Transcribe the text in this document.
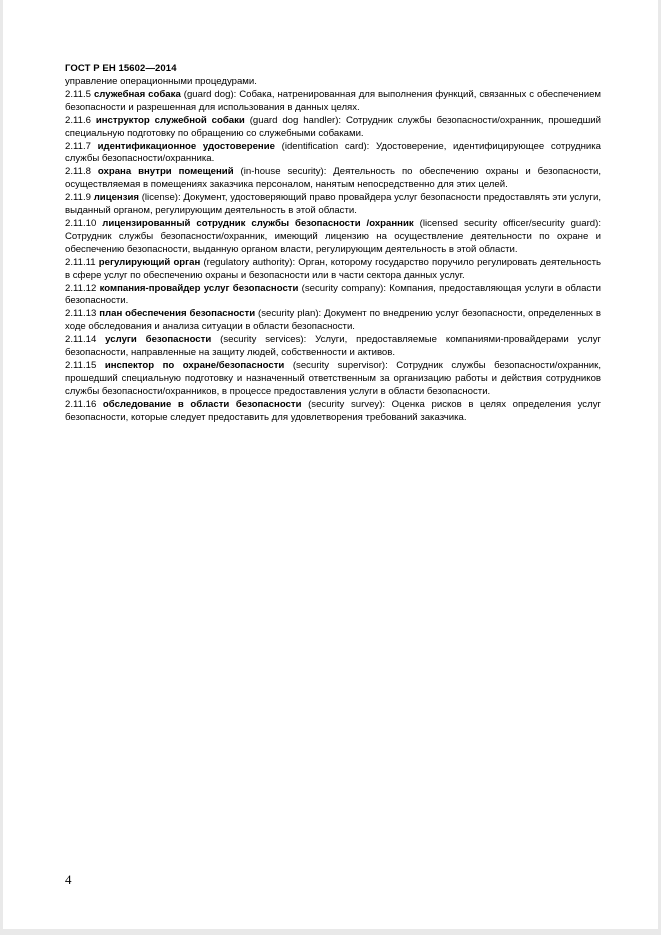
ГОСТ Р ЕН 15602—2014

управление операционными процедурами.

2.11.5 служебная собака (guard dog): Собака, натренированная для выполнения функций, связанных с обеспечением безопасности и разрешенная для использования в данных целях.

2.11.6 инструктор служебной собаки (guard dog handler): Сотрудник службы безопасности/охранник, прошедший специальную подготовку по обращению со служебными собаками.

2.11.7 идентификационное удостоверение (identification card): Удостоверение, идентифицирующее сотрудника службы безопасности/охранника.

2.11.8 охрана внутри помещений (in-house security): Деятельность по обеспечению охраны и безопасности, осуществляемая в помещениях заказчика персоналом, нанятым непосредственно для этих целей.

2.11.9 лицензия (license): Документ, удостоверяющий право провайдера услуг безопасности предоставлять эти услуги, выданный органом, регулирующим деятельность в этой области.

2.11.10 лицензированный сотрудник службы безопасности /охранник (licensed security officer/security guard): Сотрудник службы безопасности/охранник, имеющий лицензию на осуществление деятельности по охране и обеспечению безопасности, выданную органом власти, регулирующим деятельность в этой области.

2.11.11 регулирующий орган (regulatory authority): Орган, которому государство поручило регулировать деятельность в сфере услуг по обеспечению охраны и безопасности или в части сектора данных услуг.

2.11.12 компания-провайдер услуг безопасности (security company): Компания, предоставляющая услуги в области безопасности.

2.11.13 план обеспечения безопасности (security plan): Документ по внедрению услуг безопасности, определенных в ходе обследования и анализа ситуации в области безопасности.

2.11.14 услуги безопасности (security services): Услуги, предоставляемые компаниями-провайдерами услуг безопасности, направленные на защиту людей, собственности и активов.

2.11.15 инспектор по охране/безопасности (security supervisor): Сотрудник службы безопасности/охранник, прошедший специальную подготовку и назначенный ответственным за организацию работы и действия сотрудников службы безопасности/охранников, в процессе предоставления услуги в области безопасности.

2.11.16 обследование в области безопасности (security survey): Оценка рисков в целях определения услуг безопасности, которые следует предоставить для удовлетворения требований заказчика.

4
